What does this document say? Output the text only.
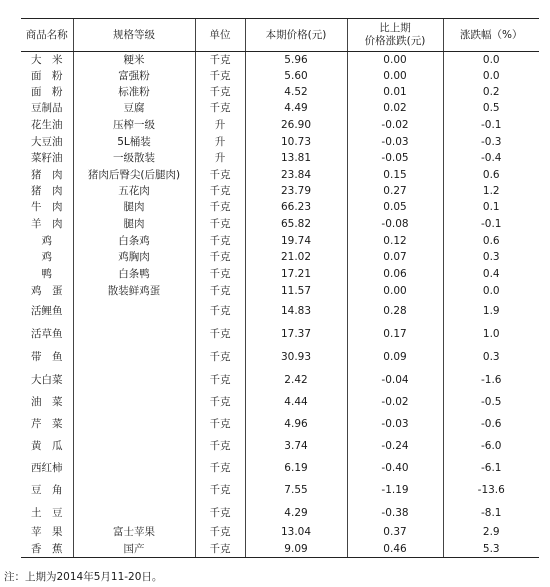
商品名称	规格等级	单位	本期价格(元)	比上期
价格涨跌(元)	涨跌幅（%）
大　米	粳米	千克	5.96	0.00	0.0
面　粉	富强粉	千克	5.60	0.00	0.0
面　粉	标准粉	千克	4.52	0.01	0.2
豆制品	豆腐	千克	4.49	0.02	0.5
花生油	压榨一级	升	26.90	-0.02	-0.1
大豆油	5L桶装	升	10.73	-0.03	-0.3
菜籽油	一级散装	升	13.81	-0.05	-0.4
猪　肉	猪肉后臀尖(后腿肉)	千克	23.84	0.15	0.6
猪　肉	五花肉	千克	23.79	0.27	1.2
牛　肉	腿肉	千克	66.23	0.05	0.1
羊　肉	腿肉	千克	65.82	-0.08	-0.1
鸡	白条鸡	千克	19.74	0.12	0.6
鸡	鸡胸肉	千克	21.02	0.07	0.3
鸭	白条鸭	千克	17.21	0.06	0.4
鸡　蛋	散装鲜鸡蛋	千克	11.57	0.00	0.0
活鲤鱼		千克	14.83	0.28	1.9
活草鱼		千克	17.37	0.17	1.0
带　鱼		千克	30.93	0.09	0.3
大白菜		千克	2.42	-0.04	-1.6
油　菜		千克	4.44	-0.02	-0.5
芹　菜		千克	4.96	-0.03	-0.6
黄　瓜		千克	3.74	-0.24	-6.0
西红柿		千克	6.19	-0.40	-6.1
豆　角		千克	7.55	-1.19	-13.6
土　豆		千克	4.29	-0.38	-8.1
苹　果	富士苹果	千克	13.04	0.37	2.9
香　蕉	国产	千克	9.09	0.46	5.3
注：上期为2014年5月11-20日。
